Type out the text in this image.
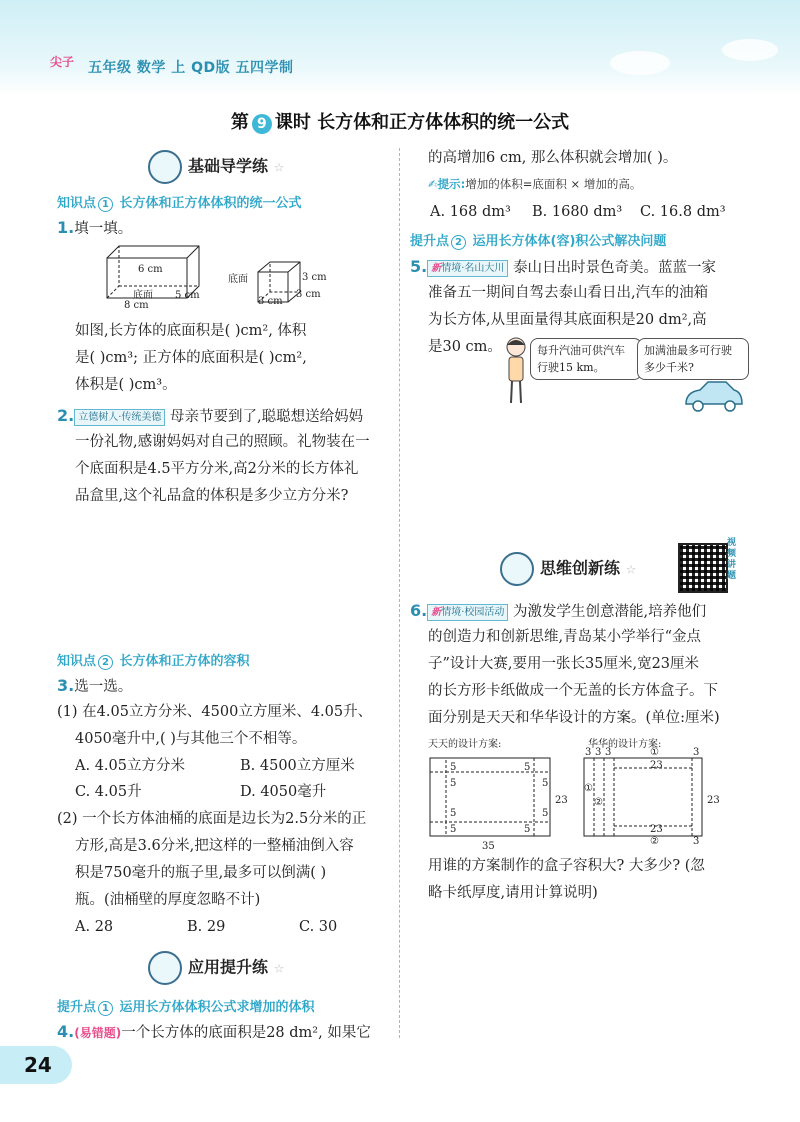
尖子 五年级 数学 上 QD版 五四学制
第 9 课时 长方体和正方体体积的统一公式
基础导学练 ☆
知识点 1 长方体和正方体体积的统一公式
1.填一填。
6 cm
底面 5 cm
8 cm
底面	3 cm
3 cm
3 cm
如图,长方体的底面积是( )cm², 体积
是( )cm³; 正方体的底面积是( )cm²,
体积是( )cm³。
2. 立德树人·传统美德 母亲节要到了,聪聪想送给妈妈
一份礼物,感谢妈妈对自己的照顾。礼物装在一
个底面积是4.5平方分米,高2分米的长方体礼
品盒里,这个礼品盒的体积是多少立方分米?
知识点 2 长方体和正方体的容积
3.选一选。
(1) 在4.05立方分米、4500立方厘米、4.05升、
4050毫升中,( )与其他三个不相等。
A. 4.05立方分米	B. 4500立方厘米
C. 4.05升	D. 4050毫升
(2) 一个长方体油桶的底面是边长为2.5分米的正
方形,高是3.6分米,把这样的一整桶油倒入容
积是750毫升的瓶子里,最多可以倒满( )
瓶。(油桶壁的厚度忽略不计)
A. 28	B. 29	C. 30
应用提升练 ☆
提升点 1 运用长方体体积公式求增加的体积
4.(易错题)一个长方体的底面积是28 dm², 如果它
的高增加6 cm, 那么体积就会增加( )。
✍提示:增加的体积=底面积 × 增加的高。
A. 168 dm³ B. 1680 dm³ C. 16.8 dm³
提升点 2 运用长方体体(容)积公式解决问题
5. 新情境·名山大川 泰山日出时景色奇美。蓝蓝一家
准备五一期间自驾去泰山看日出,汽车的油箱
为长方体,从里面量得其底面积是20 dm²,高
是30 cm。	每升汽油可供汽车行驶15 km。
加满油最多可行驶多少千米?
思维创新练 ☆
视频讲题
6. 新情境·校园活动 为激发学生创意潜能,培养他们
的创造力和创新思维,青岛某小学举行“金点
子”设计大赛,要用一张长35厘米,宽23厘米
的长方形卡纸做成一个无盖的长方体盒子。下
面分别是天天和华华设计的方案。(单位:厘米)
天天的设计方案:	华华的设计方案:
5	5
5	5
5	5
5	5
35
23
3 3 3	①	3
23
①
②
23
②	3
23
用谁的方案制作的盒子容积大? 大多少? (忽
略卡纸厚度,请用计算说明)
24
